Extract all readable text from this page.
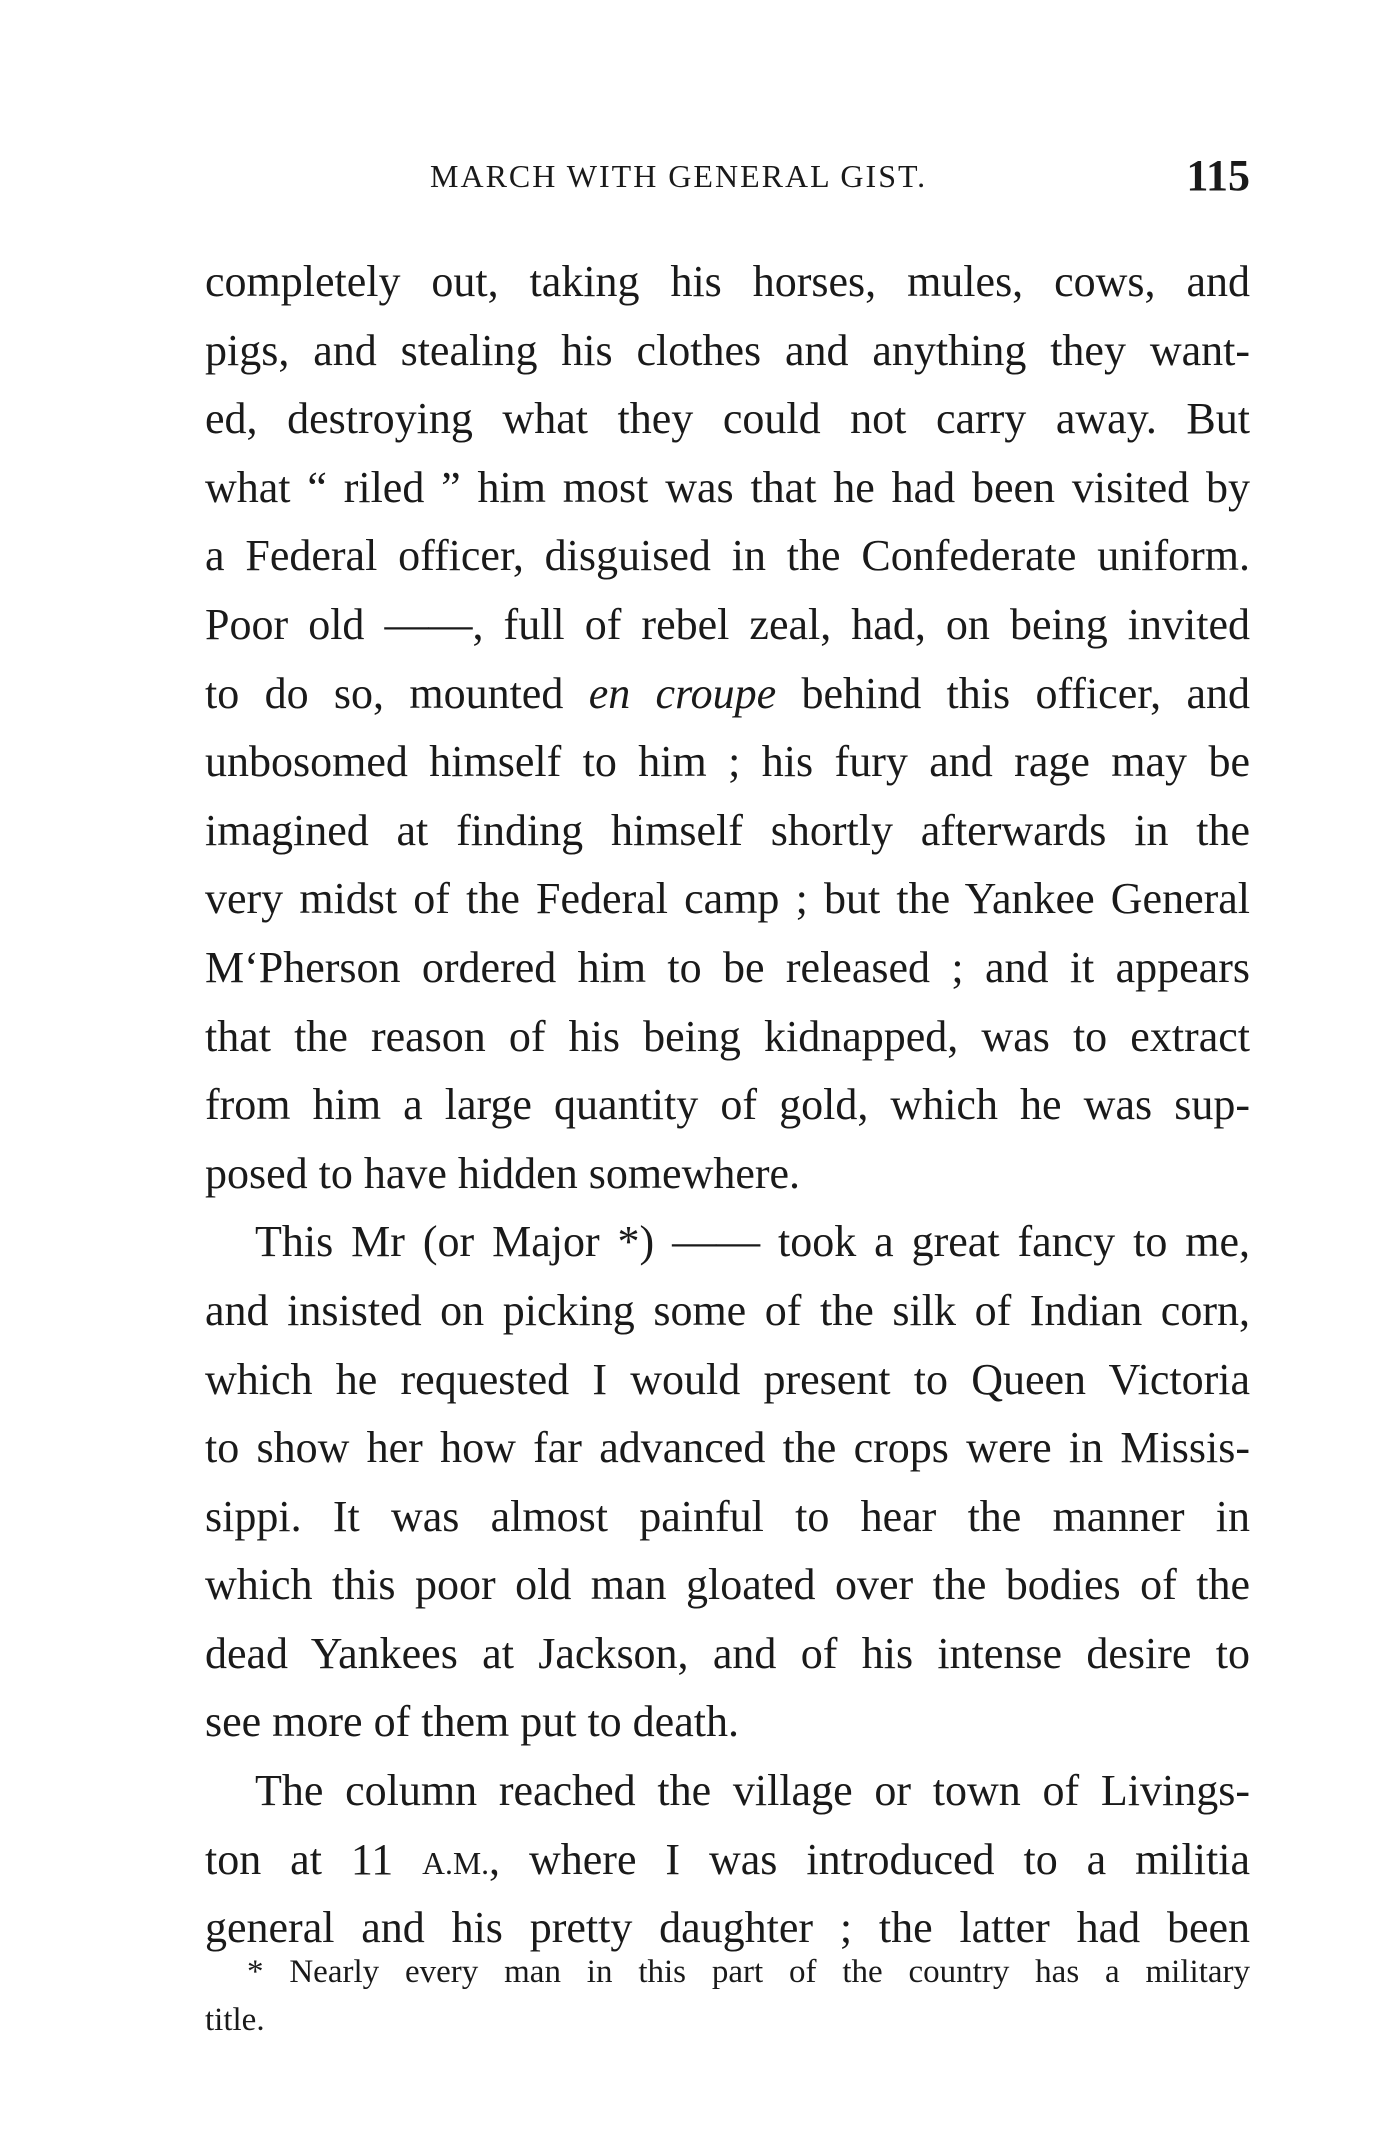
MARCH WITH GENERAL GIST.	115
completely out, taking his horses, mules, cows, and
pigs, and stealing his clothes and anything they want-
ed, destroying what they could not carry away. But
what “ riled ” him most was that he had been visited by
a Federal officer, disguised in the Confederate uniform.
Poor old ——, full of rebel zeal, had, on being invited
to do so, mounted en croupe behind this officer, and
unbosomed himself to him ; his fury and rage may be
imagined at finding himself shortly afterwards in the
very midst of the Federal camp ; but the Yankee General
M‘Pherson ordered him to be released ; and it appears
that the reason of his being kidnapped, was to extract
from him a large quantity of gold, which he was sup-
posed to have hidden somewhere.
This Mr (or Major *) —— took a great fancy to me,
and insisted on picking some of the silk of Indian corn,
which he requested I would present to Queen Victoria
to show her how far advanced the crops were in Missis-
sippi. It was almost painful to hear the manner in
which this poor old man gloated over the bodies of the
dead Yankees at Jackson, and of his intense desire to
see more of them put to death.
The column reached the village or town of Livings-
ton at 11 A.M., where I was introduced to a militia
general and his pretty daughter ; the latter had been
* Nearly every man in this part of the country has a military
title.
